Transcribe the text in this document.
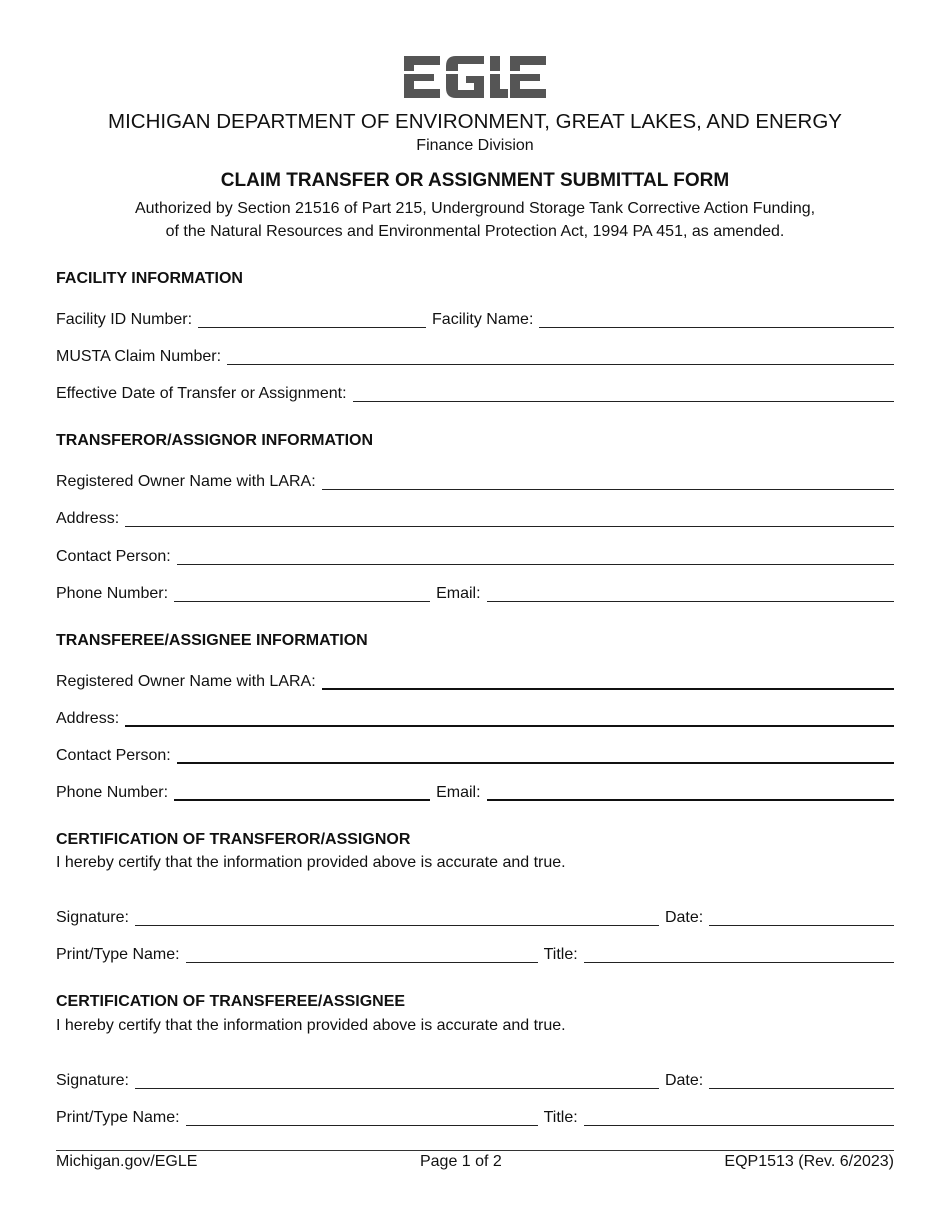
MICHIGAN DEPARTMENT OF ENVIRONMENT, GREAT LAKES, AND ENERGY
Finance Division
CLAIM TRANSFER OR ASSIGNMENT SUBMITTAL FORM
Authorized by Section 21516 of Part 215, Underground Storage Tank Corrective Action Funding,
of the Natural Resources and Environmental Protection Act, 1994 PA 451, as amended.
FACILITY INFORMATION
Facility ID Number:	Facility Name:
MUSTA Claim Number:
Effective Date of Transfer or Assignment:
TRANSFEROR/ASSIGNOR INFORMATION
Registered Owner Name with LARA:
Address:
Contact Person:
Phone Number:	Email:
TRANSFEREE/ASSIGNEE INFORMATION
Registered Owner Name with LARA:
Address:
Contact Person:
Phone Number:	Email:
CERTIFICATION OF TRANSFEROR/ASSIGNOR
I hereby certify that the information provided above is accurate and true.
Signature:	Date:
Print/Type Name:	Title:
CERTIFICATION OF TRANSFEREE/ASSIGNEE
I hereby certify that the information provided above is accurate and true.
Signature:	Date:
Print/Type Name:	Title:
Michigan.gov/EGLE	Page 1 of 2	EQP1513 (Rev. 6/2023)
